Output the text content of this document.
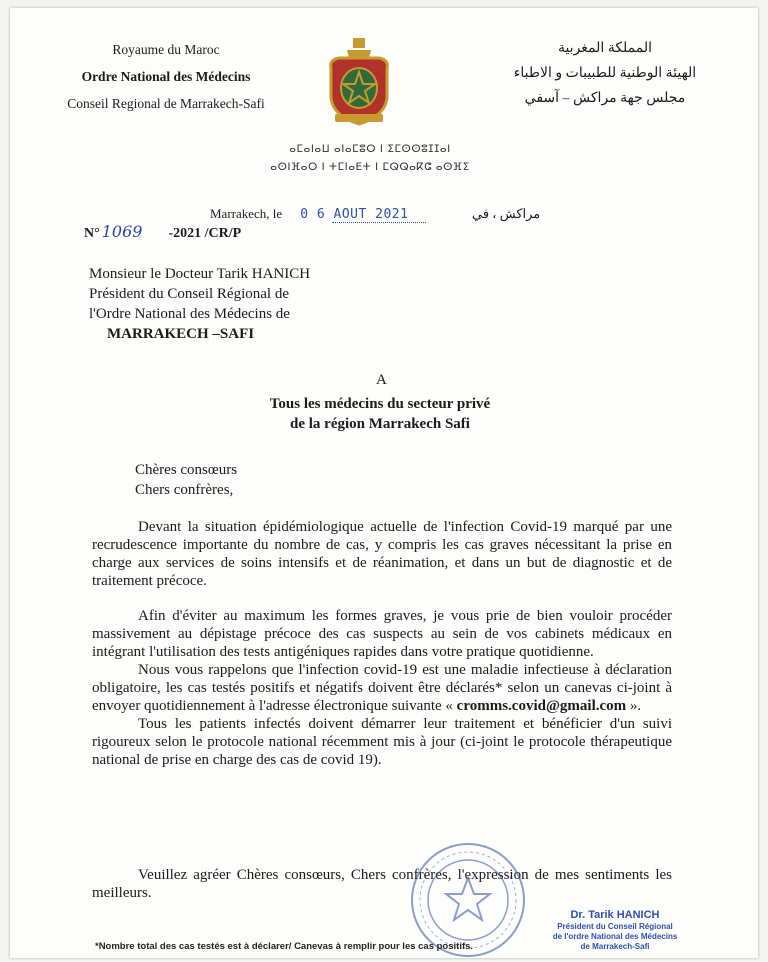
Royaume du Maroc
Ordre National des Médecins
Conseil Regional de Marrakech-Safi
المملكة المغربية
الهيئة الوطنية للطبيبات و الاطباء
مجلس جهة مراكش – آسفي
ⴰⵎⴰⵏⴰⵡ ⴰⵏⴰⵎⵓⵔ ⵏ ⵉⵎⵙⵙⵓⵊⵊⴰⵏ
ⴰⵙⵏⴼⴰⵔ ⵏ ⵜⵎⵏⴰⴹⵜ ⵏ ⵎⵕⵕⴰⴽⵛ ⴰⵙⴼⵉ
Marrakech, le 0 6 AOUT 2021	مراكش ، في
N° 1069 -2021 /CR/P
Monsieur le Docteur Tarik HANICH
Président du Conseil Régional de
l'Ordre National des Médecins de
MARRAKECH –SAFI
A
Tous les médecins du secteur privé
de la région Marrakech Safi
Chères consœurs
Chers confrères,

Devant la situation épidémiologique actuelle de l'infection Covid-19 marqué par une recrudescence importante du nombre de cas, y compris les cas graves nécessitant la prise en charge aux services de soins intensifs et de réanimation, et dans un but de diagnostic et de traitement précoce.

Afin d'éviter au maximum les formes graves, je vous prie de bien vouloir procéder massivement au dépistage précoce des cas suspects au sein de vos cabinets médicaux en intégrant l'utilisation des tests antigéniques rapides dans votre pratique quotidienne.

Nous vous rappelons que l'infection covid-19 est une maladie infectieuse à déclaration obligatoire, les cas testés positifs et négatifs doivent être déclarés* selon un canevas ci-joint à envoyer quotidiennement à l'adresse électronique suivante « cromms.covid@gmail.com ».

Tous les patients infectés doivent démarrer leur traitement et bénéficier d'un suivi rigoureux selon le protocole national récemment mis à jour (ci-joint le protocole thérapeutique national de prise en charge des cas de covid 19).

Veuillez agréer Chères consœurs, Chers confrères, l'expression de mes sentiments les meilleurs.

Dr. Tarik HANICH
Président du Conseil Régional
de l'ordre National des Médecins
de Marrakech-Safi
*Nombre total des cas testés est à déclarer/ Canevas à remplir pour les cas positifs.
